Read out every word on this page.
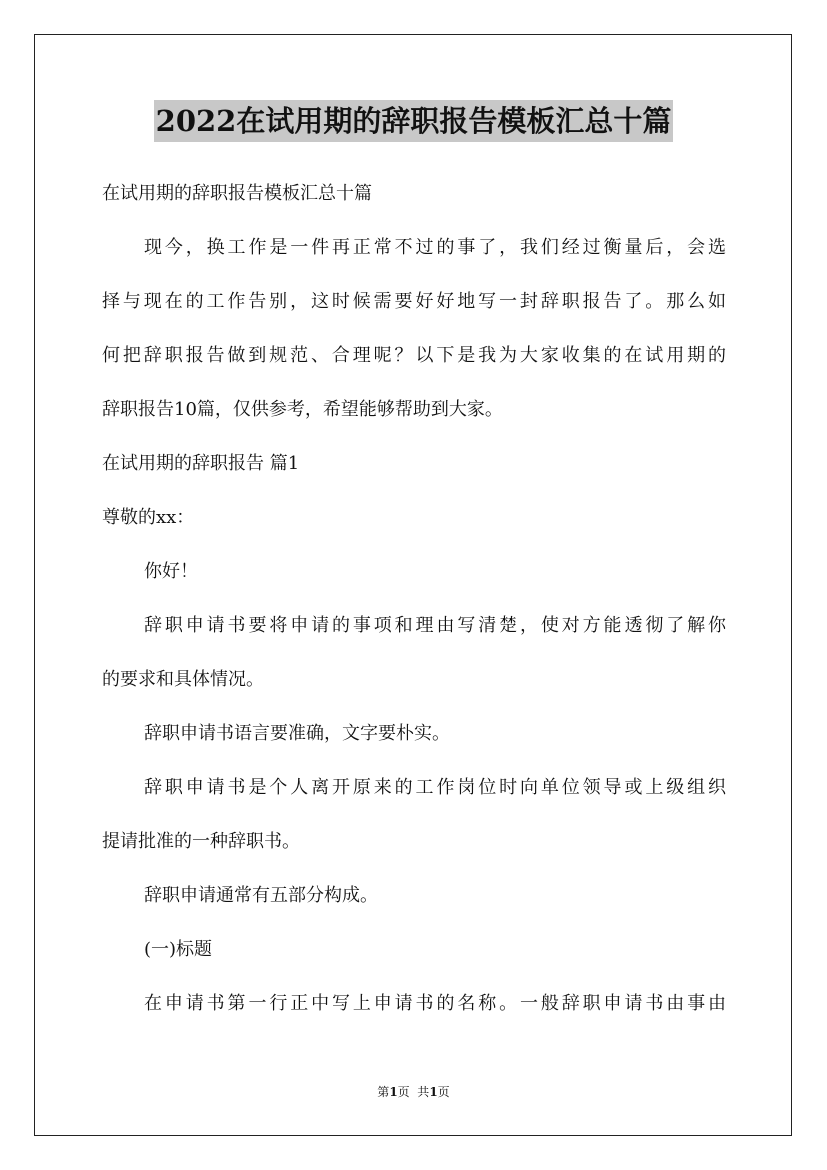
2022在试用期的辞职报告模板汇总十篇
在试用期的辞职报告模板汇总十篇
现今，换工作是一件再正常不过的事了，我们经过衡量后，会选
择与现在的工作告别，这时候需要好好地写一封辞职报告了。那么如
何把辞职报告做到规范、合理呢？以下是我为大家收集的在试用期的
辞职报告10篇，仅供参考，希望能够帮助到大家。
在试用期的辞职报告 篇1
尊敬的xx：
你好！
辞职申请书要将申请的事项和理由写清楚，使对方能透彻了解你
的要求和具体情况。
辞职申请书语言要准确，文字要朴实。
辞职申请书是个人离开原来的工作岗位时向单位领导或上级组织
提请批准的一种辞职书。
辞职申请通常有五部分构成。
(一)标题
在申请书第一行正中写上申请书的名称。一般辞职申请书由事由
第1页  共1页
